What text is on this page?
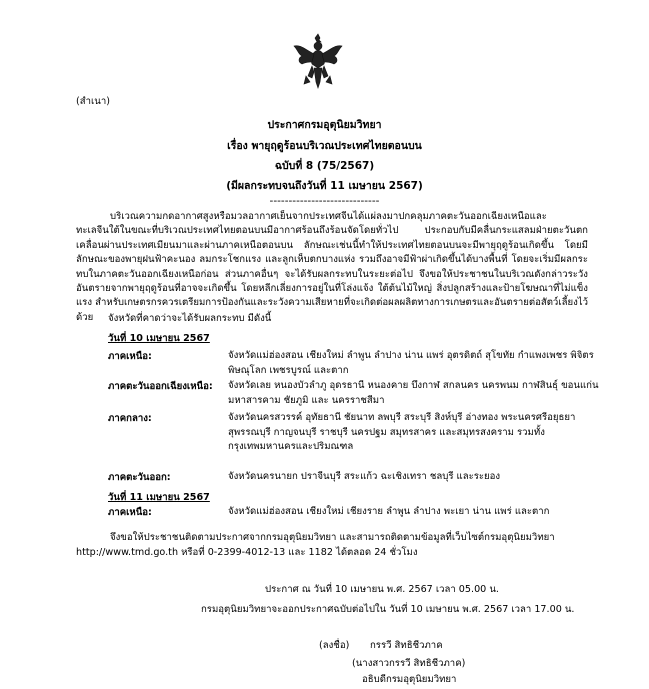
(สำเนา)
ประกาศกรมอุตุนิยมวิทยา
เรื่อง พายุฤดูร้อนบริเวณประเทศไทยตอนบน
ฉบับที่ 8 (75/2567)
(มีผลกระทบจนถึงวันที่ 11 เมษายน 2567)
-----------------------------
บริเวณความกดอากาศสูงหรือมวลอากาศเย็นจากประเทศจีนได้แผ่ลงมาปกคลุมภาคตะวันออกเฉียงเหนือและทะเลจีนใต้ในขณะที่บริเวณประเทศไทยตอนบนมีอากาศร้อนถึงร้อนจัดโดยทั่วไป ประกอบกับมีคลื่นกระแสลมฝ่ายตะวันตกเคลื่อนผ่านประเทศเมียนมาและผ่านภาคเหนือตอนบน ลักษณะเช่นนี้ทำให้ประเทศไทยตอนบนจะมีพายุฤดูร้อนเกิดขึ้น โดยมีลักษณะของพายุฝนฟ้าคะนอง ลมกระโชกแรง และลูกเห็บตกบางแห่ง รวมถึงอาจมีฟ้าผ่าเกิดขึ้นได้บางพื้นที่ โดยจะเริ่มมีผลกระทบในภาคตะวันออกเฉียงเหนือก่อน ส่วนภาคอื่นๆ จะได้รับผลกระทบในระยะต่อไป จึงขอให้ประชาชนในบริเวณดังกล่าวระวังอันตรายจากพายุฤดูร้อนที่อาจจะเกิดขึ้น โดยหลีกเลี่ยงการอยู่ในที่โล่งแจ้ง ใต้ต้นไม้ใหญ่ สิ่งปลูกสร้างและป้ายโฆษณาที่ไม่แข็งแรง สำหรับเกษตรกรควรเตรียมการป้องกันและระวังความเสียหายที่จะเกิดต่อผลผลิตทางการเกษตรและอันตรายต่อสัตว์เลี้ยงไว้ด้วย	จังหวัดที่คาดว่าจะได้รับผลกระทบ มีดังนี้
วันที่ 10 เมษายน 2567
ภาคเหนือ:	จังหวัดแม่ฮ่องสอน เชียงใหม่ ลำพูน ลำปาง น่าน แพร่ อุตรดิตถ์ สุโขทัย กำแพงเพชร พิจิตร พิษณุโลก เพชรบูรณ์ และตาก
ภาคตะวันออกเฉียงเหนือ: จังหวัดเลย หนองบัวลำภู อุดรธานี หนองคาย บึงกาฬ สกลนคร นครพนม กาฬสินธุ์ ขอนแก่น มหาสารคาม ชัยภูมิ และ นครราชสีมา
ภาคกลาง:	จังหวัดนครสวรรค์ อุทัยธานี ชัยนาท ลพบุรี สระบุรี สิงห์บุรี อ่างทอง พระนครศรีอยุธยา สุพรรณบุรี กาญจนบุรี ราชบุรี นครปฐม สมุทรสาคร และสมุทรสงคราม รวมทั้งกรุงเทพมหานครและปริมณฑล
ภาคตะวันออก:	จังหวัดนครนายก ปราจีนบุรี สระแก้ว ฉะเชิงเทรา ชลบุรี และระยอง
วันที่ 11 เมษายน 2567
ภาคเหนือ:	จังหวัดแม่ฮ่องสอน เชียงใหม่ เชียงราย ลำพูน ลำปาง พะเยา น่าน แพร่ และตาก
จึงขอให้ประชาชนติดตามประกาศจากกรมอุตุนิยมวิทยา และสามารถติดตามข้อมูลที่เว็บไซต์กรมอุตุนิยมวิทยา http://www.tmd.go.th หรือที่ 0-2399-4012-13 และ 1182 ได้ตลอด 24 ชั่วโมง
ประกาศ ณ วันที่ 10 เมษายน พ.ศ. 2567 เวลา 05.00 น.
กรมอุตุนิยมวิทยาจะออกประกาศฉบับต่อไปใน วันที่ 10 เมษายน พ.ศ. 2567 เวลา 17.00 น.
(ลงชื่อ) กรรวี สิทธิชีวภาค
(นางสาวกรรวี สิทธิชีวภาค)
อธิบดีกรมอุตุนิยมวิทยา
